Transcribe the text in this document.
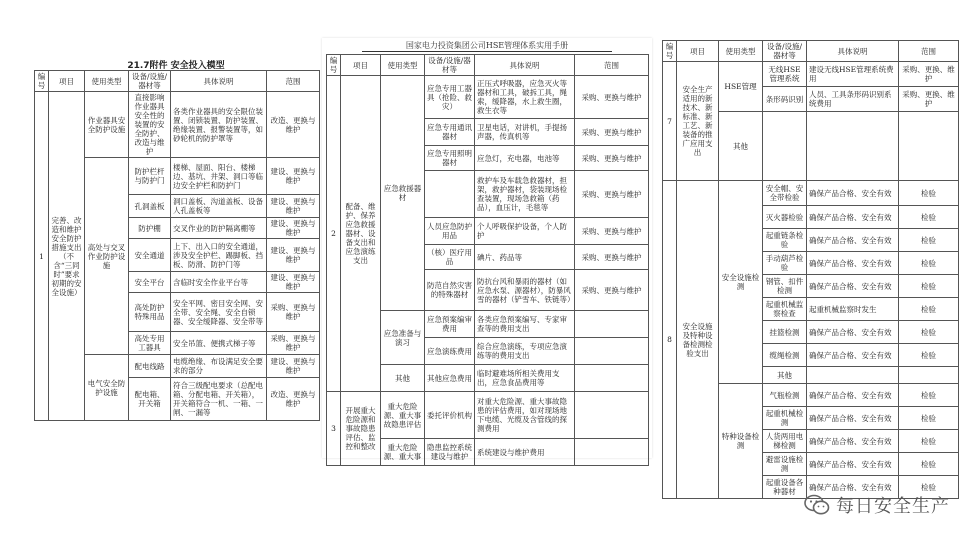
21.7附件 安全投入模型
编号	项目	使用类型	设备/设施/器材等	具体说明	范围
1	完善、改造和维护安全防护措施支出（不含“三同时”要求初期的安全设施）	作业器具安全防护设施	直接影响作业器具安全性的装置的安全防护、改造与维护	各类作业器具的安全限位装置、闭锁装置、防护装置、绝缘装置、报警装置等，如砂轮机的防护罩等	改造、更换与维护
		高处与交叉作业防护设施	防护栏杆与防护门	楼梯、屋面、阳台、楼梯边、基坑、井架、洞口等临边安全护栏和防护门	建设、更换与维护
			孔洞盖板	洞口盖板、沟道盖板、设备人孔盖板等	建设、更换与维护
			防护棚	交叉作业的防护隔离棚等	建设、更换与维护
			安全通道	上下、出入口的安全通道，涉及安全护栏、踢脚板、挡板、防滑、防护门等	建设、更换与维护
			安全平台	含临时安全作业平台等	建设、更换与维护
			高处防护特殊用品	安全平网、密目安全网、安全带、安全绳、安全自锁器、安全缓降器、安全带等	采购、更换与维护
			高处专用工器具	安全吊篮、便携式梯子等	采购、更换与维护
		电气安全防护设施	配电线路	电缆绝缘、布设满足安全要求的部分	建设、更换与维护
			配电箱、开关箱	符合三级配电要求（总配电箱、分配电箱、开关箱），开关箱符合一机、一箱、一闸、一漏等	改造、更换与维护
国家电力投资集团公司HSE管理体系实用手册
编号	项目	使用类型	设备/设施/器材等	具体说明	范围
2	配备、维护、保养应急救援器材、设备支出和应急演练支出	应急救援器材	应急专用工器具（抢险、救灾）	正压式呼吸器，应急灭火等器材和工具，破拆工具，绳索，缓降器，水上救生圈，救生衣等	采购、更换与维护
			应急专用通讯器材	卫星电话，对讲机，手提扬声器，传真机等	采购、更换与维护
			应急专用照明器材	应急灯，充电器，电池等	采购、更换与维护
				救护车及车载急救器材，担架，救护器材，袋装现场检查装置，现场急救箱（药品），血压计，毛毯等	采购、更换与维护
			人员应急防护用品	个人呼吸保护设备，个人防护	采购、更换与维护
			（核）医疗用品	碘片、药品等	采购、更换与维护
			防范自然灾害的特殊器材	防抗台风和暴雨的器材（如应急水泵、源器材），防暴风雪的器材（铲雪车、铁链等）	采购、更换与维护
		应急准备与演习	应急预案编审费用	各类应急预案编写、专家审查等的费用支出	
			应急演练费用	综合应急演练，专项应急演练等的费用支出	
		其他	其他应急费用	临时避难场所相关费用支出，应急食品费用等	
3	开展重大危险源和事故隐患评估、监控和整改	重大危险源、重大事故隐患评估	委托评价机构	对重大危险源、重大事故隐患的评估费用，如对现场地下电缆、光缆及含管线的探测费用	
		重大危险源、重大事	隐患监控系统建设与维护	系统建设与维护费用	
编号	项目	使用类型	设备/设施/器材等	具体说明	范围
7	安全生产适用的新技术、新标准、新工艺、新装备的推广应用支出	HSE管理	无线HSE管理系统	建设无线HSE管理系统费用	采购、更换、维护
			条形码识别	人员、工具条形码识别系统费用	采购、更换、维护
		其他			
8	安全设施及特种设备检测检验支出	安全设施检测	安全帽、安全带检验	确保产品合格、安全有效	检验
			灭火器检验	确保产品合格、安全有效	检验
			起重链条检验	确保产品合格、安全有效	检验
			手动葫芦检验	确保产品合格、安全有效	检验
			钢管、扣件检测	确保产品合格、安全有效	检验
			起重机械监察检查	起重机械监察时发生	检验
			挂篮检测	确保产品合格、安全有效	检验
			缆绳检测	确保产品合格、安全有效	检验
			其他		
		特种设备检测	气瓶检测	确保产品合格、安全有效	检验
			起重机械检测	确保产品合格、安全有效	检验
			人货两用电梯检测	确保产品合格、安全有效	检验
			避雷设施检测	确保产品合格、安全有效	检验
			起重设备各种器材	确保产品合格、安全有效	检验
每日安全生产
